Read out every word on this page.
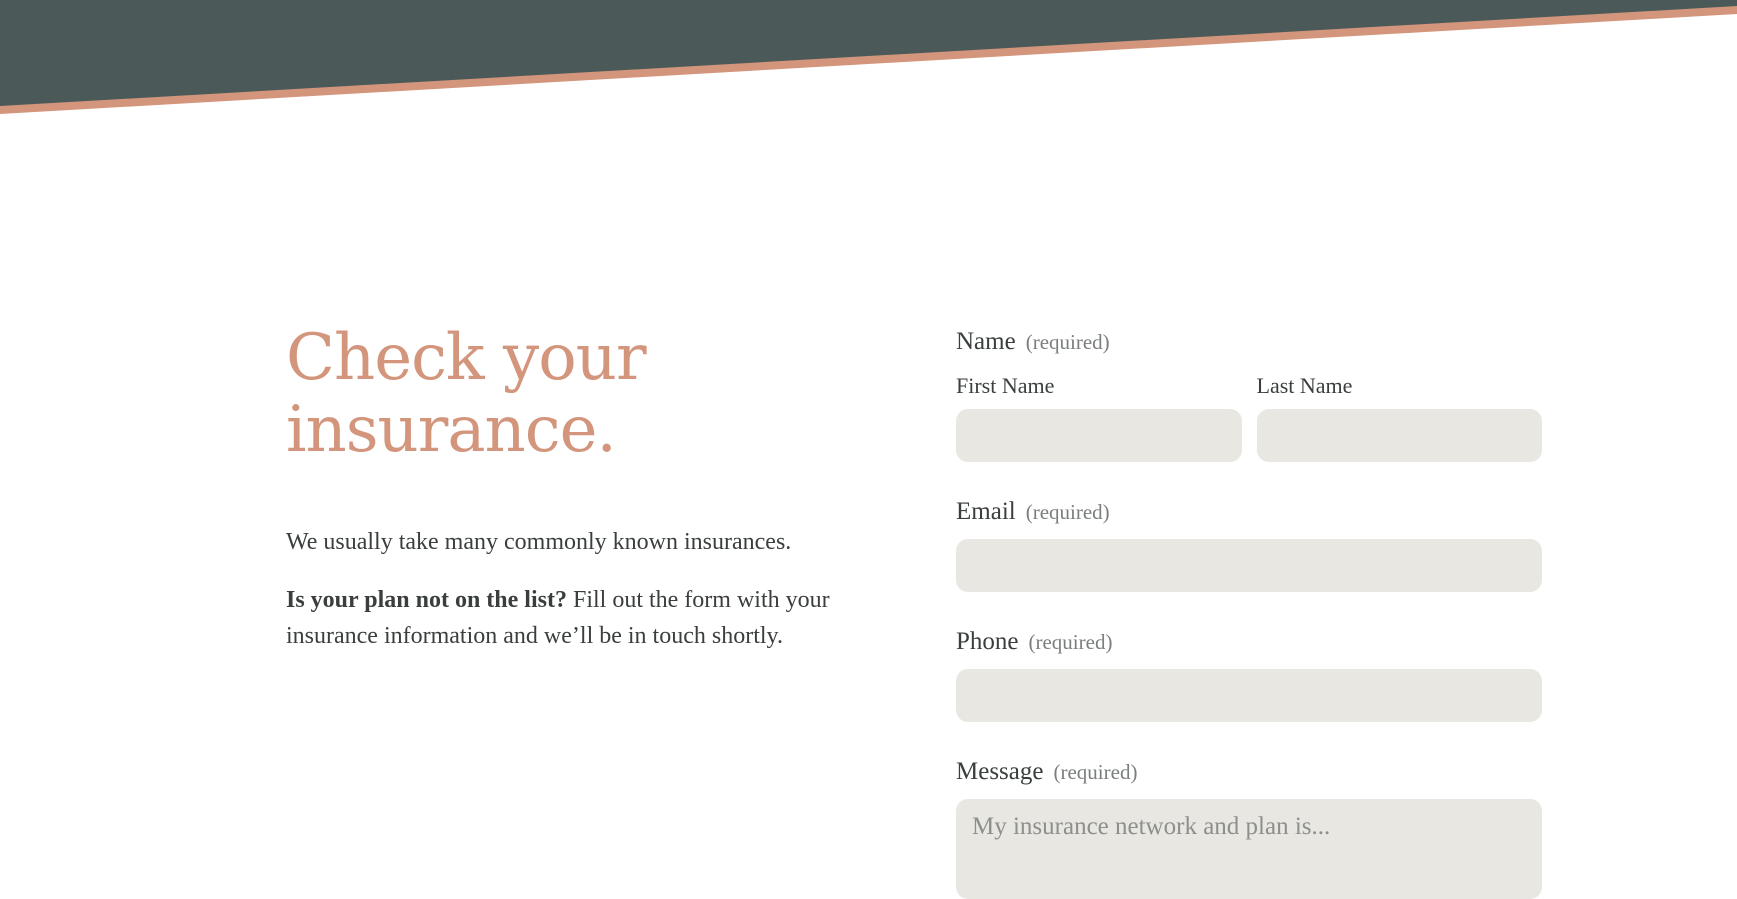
Check your
insurance.

We usually take many commonly known insurances.

Is your plan not on the list? Fill out the form with your insurance information and we’ll be in touch shortly.

Name (required)
First Name	Last Name
Email (required)
Phone (required)
Message (required)
My insurance network and plan is...
